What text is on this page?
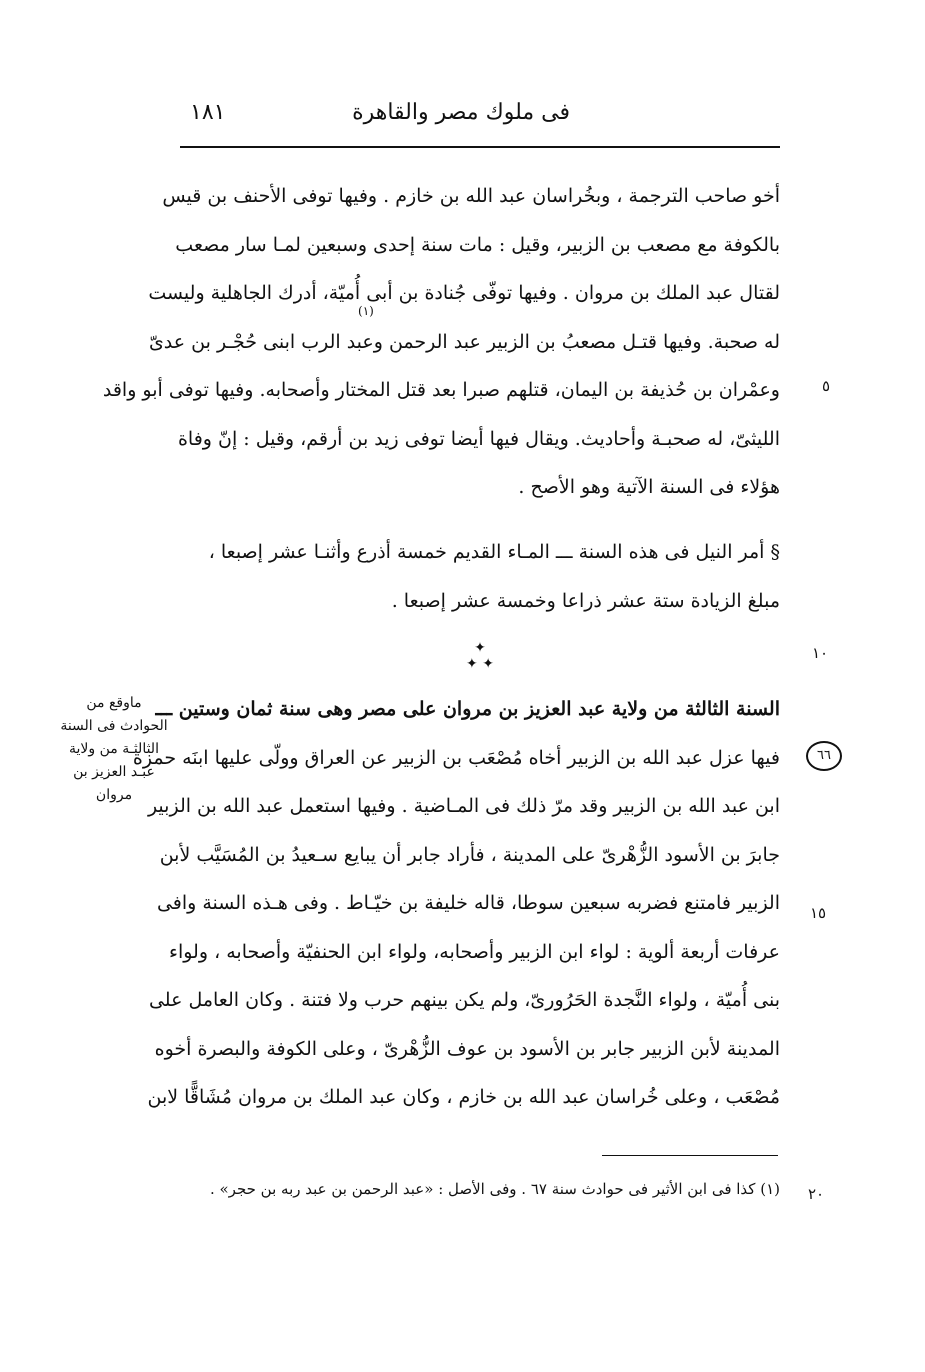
فى ملوك مصر والقاهرة
١٨١
أخو صاحب الترجمة ، وبخُراسان عبد الله بن خازم . وفيها توفى الأحنف بن قيس
بالكوفة مع مصعب بن الزبير، وقيل : مات سنة إحدى وسبعين لمـا سار مصعب
لقتال عبد الملك بن مروان . وفيها توفّى جُنادة بن أبى أُميّة، أدرك الجاهلية وليست
له صحبة. وفيها قتـل مصعبُ بن الزبير عبد الرحمن وعبد الرب ابنى حُجْـر بن عدىّ
وعمْران بن حُذيفة بن اليمان، قتلهم صبرا بعد قتل المختار وأصحابه. وفيها توفى أبو واقد
الليثىّ، له صحبـة وأحاديث. ويقال فيها أيضا توفى زيد بن أرقم، وقيل : إنّ وفاة
هؤلاء فى السنة الآتية وهو الأصح .
(١)
§ أمر النيل فى هذه السنة ـــ المـاء القديم خمسة أذرع وأثنـا عشر إصبعا ،
مبلغ الزيادة ستة عشر ذراعا وخمسة عشر إصبعا .
✦
✦ ✦
السنة الثالثة من ولاية عبد العزيز بن مروان على مصر وهى سنة ثمان وستين ـــ
فيها عزل عبد الله بن الزبير أخاه مُصْعَب بن الزبير عن العراق وولّى عليها ابنَه حمزة
ابن عبد الله بن الزبير وقد مرّ ذلك فى المـاضية . وفيها استعمل عبد الله بن الزبير
جابرَ بن الأسود الزُّهْرىّ على المدينة ، فأراد جابر أن يبايع سـعيدُ بن المُسَيَّب لأبن
الزبير فامتنع فضربه سبعين سوطا، قاله خليفة بن خيّـاط . وفى هـذه السنة وافى
عرفات أربعة ألوية : لواء ابن الزبير وأصحابه، ولواء ابن الحنفيّة وأصحابه ، ولواء
بنى أُميّة ، ولواء النَّجدة الحَرُورىّ، ولم يكن بينهم حرب ولا فتنة . وكان العامل على
المدينة لأبن الزبير جابر بن الأسود بن عوف الزُّهْرىّ ، وعلى الكوفة والبصرة أخوه
مُصْعَب ، وعلى خُراسان عبد الله بن خازم ، وكان عبد الملك بن مروان مُشَاقًّا لابن
ماوقع من
الحوادث فى السنة
الثالثـة من ولاية
عبـد العزيز بن
مروان
٦٦
٥
١٠
١٥
٢٠
(١) كذا فى ابن الأثير فى حوادث سنة ٦٧ . وفى الأصل : «عبد الرحمن بن عبد ربه بن حجر» .
